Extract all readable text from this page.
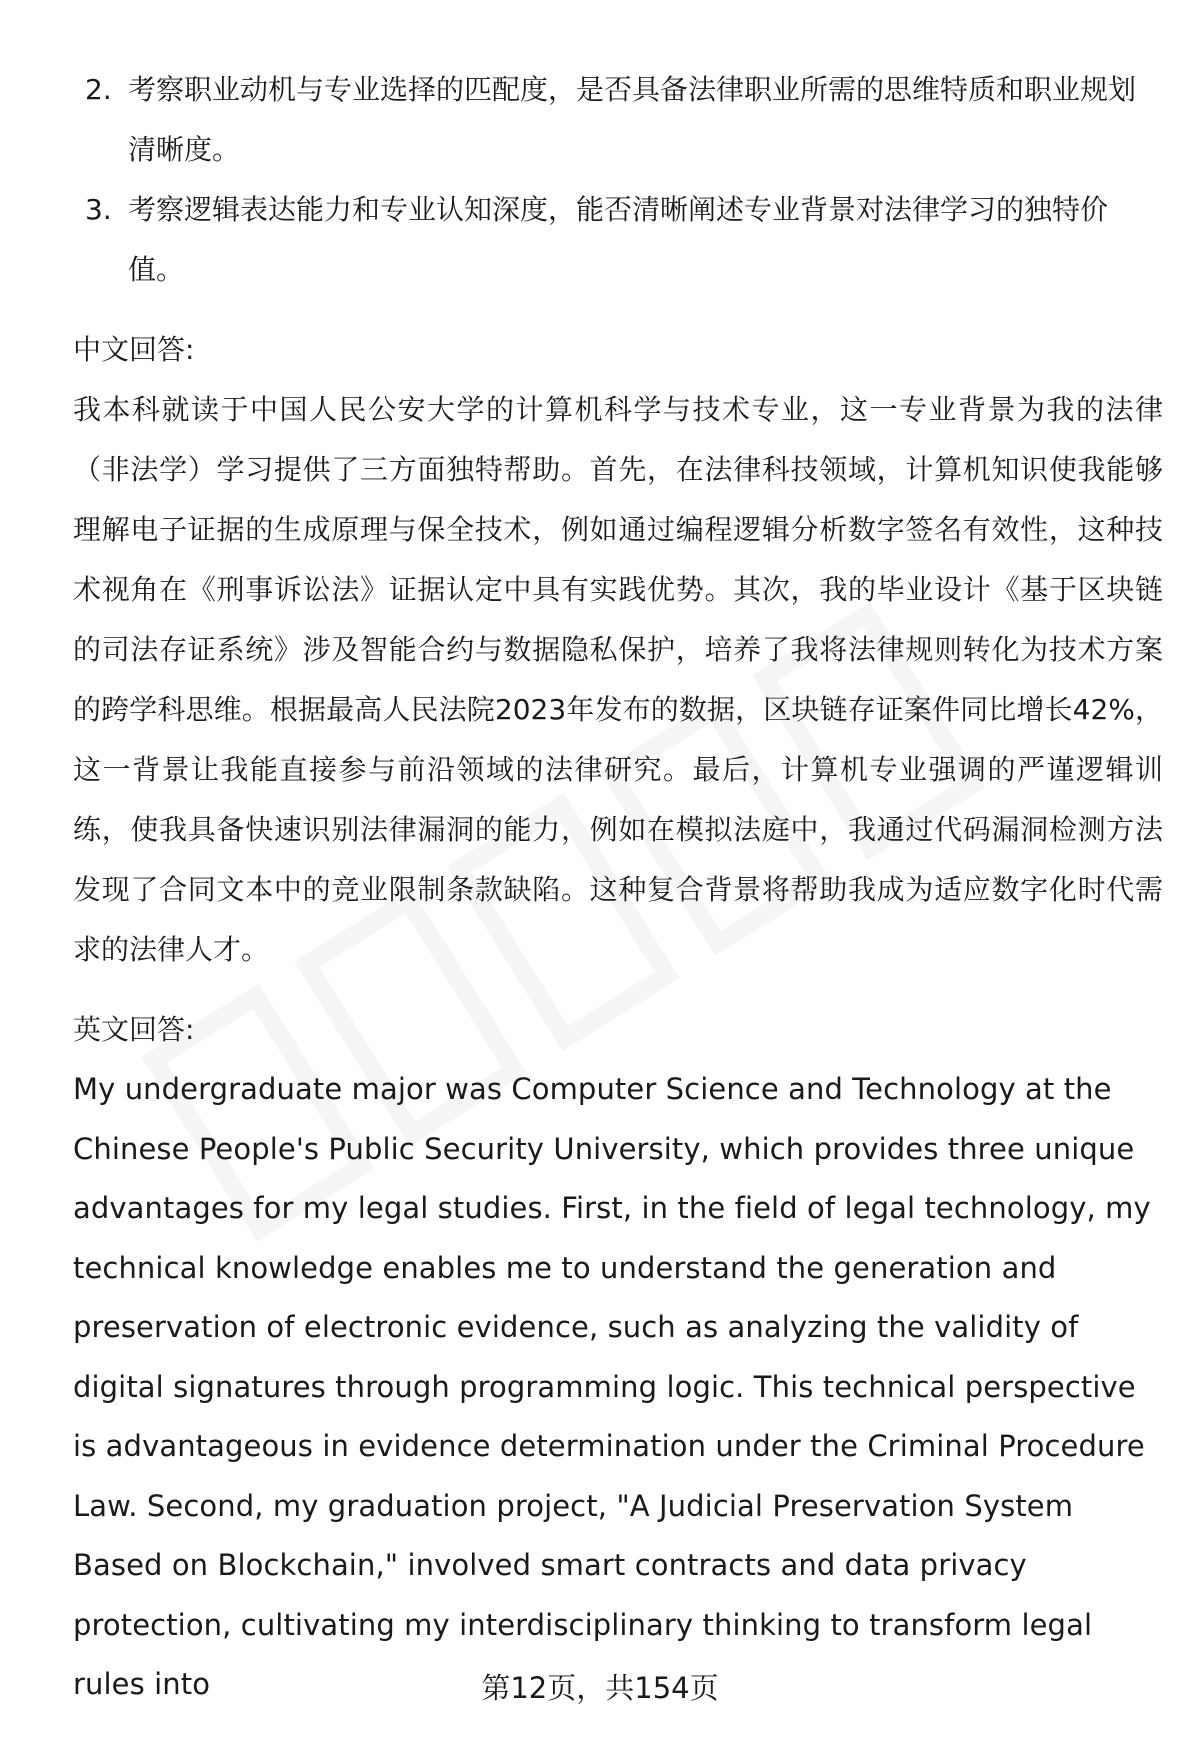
2. 考察职业动机与专业选择的匹配度，是否具备法律职业所需的思维特质和职业规划清晰度。
3. 考察逻辑表达能力和专业认知深度，能否清晰阐述专业背景对法律学习的独特价值。
中文回答:
我本科就读于中国人民公安大学的计算机科学与技术专业，这一专业背景为我的法律（非法学）学习提供了三方面独特帮助。首先，在法律科技领域，计算机知识使我能够理解电子证据的生成原理与保全技术，例如通过编程逻辑分析数字签名有效性，这种技术视角在《刑事诉讼法》证据认定中具有实践优势。其次，我的毕业设计《基于区块链的司法存证系统》涉及智能合约与数据隐私保护，培养了我将法律规则转化为技术方案的跨学科思维。根据最高人民法院2023年发布的数据，区块链存证案件同比增长42%，这一背景让我能直接参与前沿领域的法律研究。最后，计算机专业强调的严谨逻辑训练，使我具备快速识别法律漏洞的能力，例如在模拟法庭中，我通过代码漏洞检测方法发现了合同文本中的竞业限制条款缺陷。这种复合背景将帮助我成为适应数字化时代需求的法律人才。
英文回答:
My undergraduate major was Computer Science and Technology at the Chinese People's Public Security University, which provides three unique advantages for my legal studies. First, in the field of legal technology, my technical knowledge enables me to understand the generation and preservation of electronic evidence, such as analyzing the validity of digital signatures through programming logic. This technical perspective is advantageous in evidence determination under the Criminal Procedure Law. Second, my graduation project, "A Judicial Preservation System Based on Blockchain," involved smart contracts and data privacy protection, cultivating my interdisciplinary thinking to transform legal rules into	第12页，共154页
